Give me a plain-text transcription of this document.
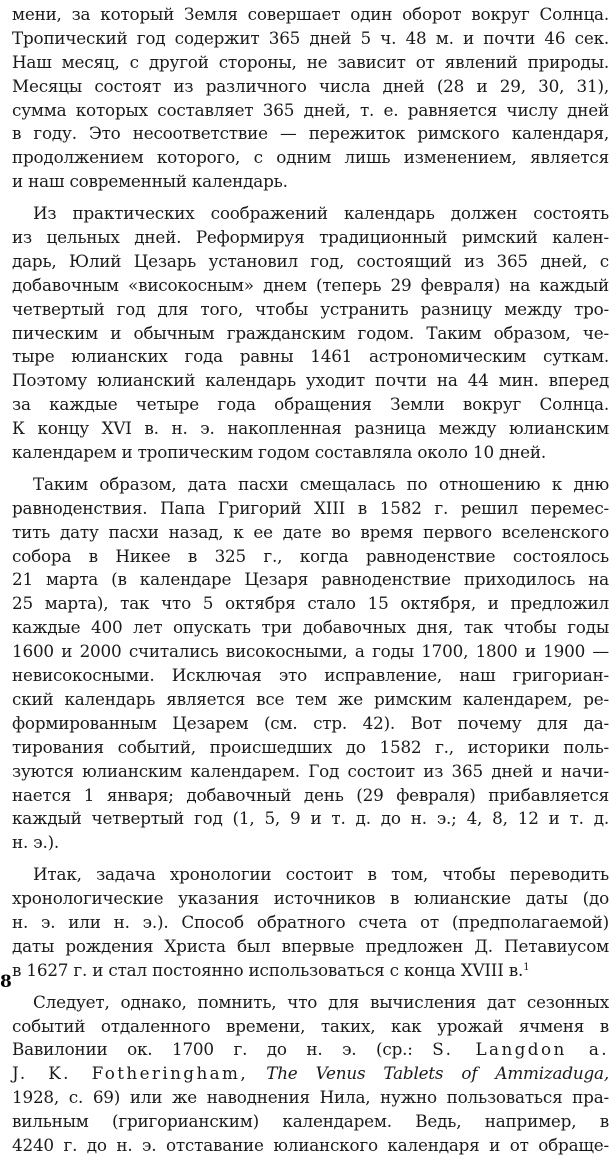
мени, за который Земля совершает один оборот вокруг Солнца.
Тропический год содержит 365 дней 5 ч. 48 м. и почти 46 сек.
Наш месяц, с другой стороны, не зависит от явлений природы.
Месяцы состоят из различного числа дней (28 и 29, 30, 31),
сумма которых составляет 365 дней, т. е. равняется числу дней
в году. Это несоответствие — пережиток римского календаря,
продолжением которого, с одним лишь изменением, является
и наш современный календарь.
Из практических соображений календарь должен состоять
из цельных дней. Реформируя традиционный римский кален-
дарь, Юлий Цезарь установил год, состоящий из 365 дней, с
добавочным «високосным» днем (теперь 29 февраля) на каждый
четвертый год для того, чтобы устранить разницу между тро-
пическим и обычным гражданским годом. Таким образом, че-
тыре юлианских года равны 1461 астрономическим суткам.
Поэтому юлианский календарь уходит почти на 44 мин. вперед
за каждые четыре года обращения Земли вокруг Солнца.
К концу XVI в. н. э. накопленная разница между юлианским
календарем и тропическим годом составляла около 10 дней.
Таким образом, дата пасхи смещалась по отношению к дню
равноденствия. Папа Григорий XIII в 1582 г. решил перемес-
тить дату пасхи назад, к ее дате во время первого вселенского
собора в Никее в 325 г., когда равноденствие состоялось
21 марта (в календаре Цезаря равноденствие приходилось на
25 марта), так что 5 октября стало 15 октября, и предложил
каждые 400 лет опускать три добавочных дня, так чтобы годы
1600 и 2000 считались високосными, а годы 1700, 1800 и 1900 —
невисокосными. Исключая это исправление, наш григориан-
ский календарь является все тем же римским календарем, ре-
формированным Цезарем (см. стр. 42). Вот почему для да-
тирования событий, происшедших до 1582 г., историки поль-
зуются юлианским календарем. Год состоит из 365 дней и начи-
нается 1 января; добавочный день (29 февраля) прибавляется
каждый четвертый год (1, 5, 9 и т. д. до н. э.; 4, 8, 12 и т. д.
н. э.).
Итак, задача хронологии состоит в том, чтобы переводить
хронологические указания источников в юлианские даты (до
н. э. или н. э.). Способ обратного счета от (предполагаемой)
даты рождения Христа был впервые предложен Д. Петавиусом
в 1627 г. и стал постоянно использоваться с конца XVIII в.$^1$
Следует, однако, помнить, что для вычисления дат сезонных
событий отдаленного времени, таких, как урожай ячменя в
Вавилонии ок. 1700 г. до н. э. (ср.: S. Langdon a.
J. K. Fotheringham, The Venus Tablets of Ammizaduga,
1928, с. 69) или же наводнения Нила, нужно пользоваться пра-
вильным (григорианским) календарем. Ведь, например, в
4240 г. до н. э. отставание юлианского календаря и от обраще-
8
